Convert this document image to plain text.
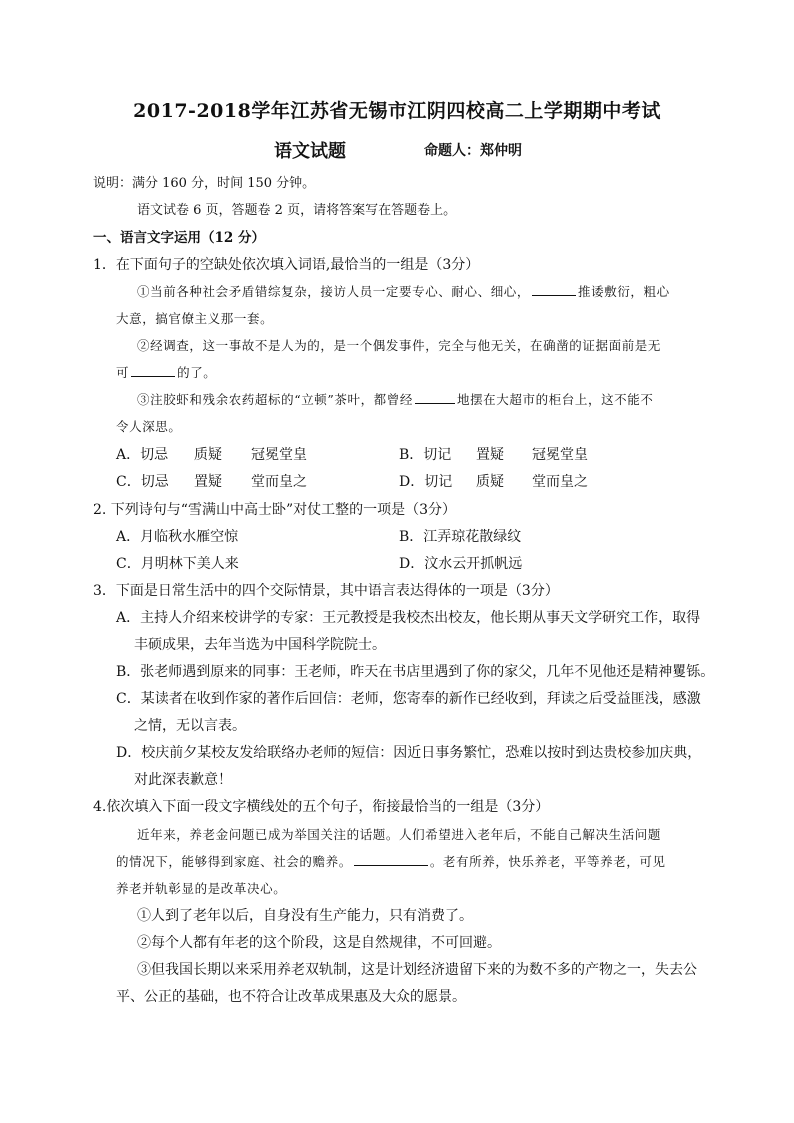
2017-2018学年江苏省无锡市江阴四校高二上学期期中考试
语文试题	命题人：郑仲明
说明：满分 160 分，时间 150 分钟。
语文试卷 6 页，答题卷 2 页，请将答案写在答题卷上。
一、语言文字运用（12 分）
1．在下面句子的空缺处依次填入词语,最恰当的一组是（3分）
①当前各种社会矛盾错综复杂，接访人员一定要专心、耐心、细心，	推诿敷衍，粗心
大意，搞官僚主义那一套。
②经调查，这一事故不是人为的，是一个偶发事件，完全与他无关，在确凿的证据面前是无
可	的了。
③注胶虾和残余农药超标的“立顿”茶叶，都曾经	地摆在大超市的柜台上，这不能不
令人深思。
A．切忌 质疑 冠冕堂皇	B．切记 置疑 冠冕堂皇
C．切忌 置疑 堂而皇之	D．切记 质疑 堂而皇之
2. 下列诗句与“雪满山中高士卧”对仗工整的一项是（3分）
A．月临秋水雁空惊	B．江弄琼花散绿纹
C．月明林下美人来	D．汶水云开抓帆远
3．下面是日常生活中的四个交际情景，其中语言表达得体的一项是（3分）
A．主持人介绍来校讲学的专家：王元教授是我校杰出校友，他长期从事天文学研究工作，取得
丰硕成果，去年当选为中国科学院院士。
B．张老师遇到原来的同事：王老师，昨天在书店里遇到了你的家父，几年不见他还是精神矍铄。
C．某读者在收到作家的著作后回信：老师，您寄奉的新作已经收到，拜读之后受益匪浅，感激
之情，无以言表。
D．校庆前夕某校友发给联络办老师的短信：因近日事务繁忙，恐难以按时到达贵校参加庆典，
对此深表歉意！
4.依次填入下面一段文字横线处的五个句子，衔接最恰当的一组是（3分）
近年来，养老金问题已成为举国关注的话题。人们希望进入老年后，不能自己解决生活问题
的情况下，能够得到家庭、社会的赡养。	。老有所养，快乐养老，平等养老，可见
养老并轨彰显的是改革决心。
①人到了老年以后，自身没有生产能力，只有消费了。
②每个人都有年老的这个阶段，这是自然规律，不可回避。
③但我国长期以来采用养老双轨制，这是计划经济遗留下来的为数不多的产物之一，失去公
平、公正的基础，也不符合让改革成果惠及大众的愿景。
